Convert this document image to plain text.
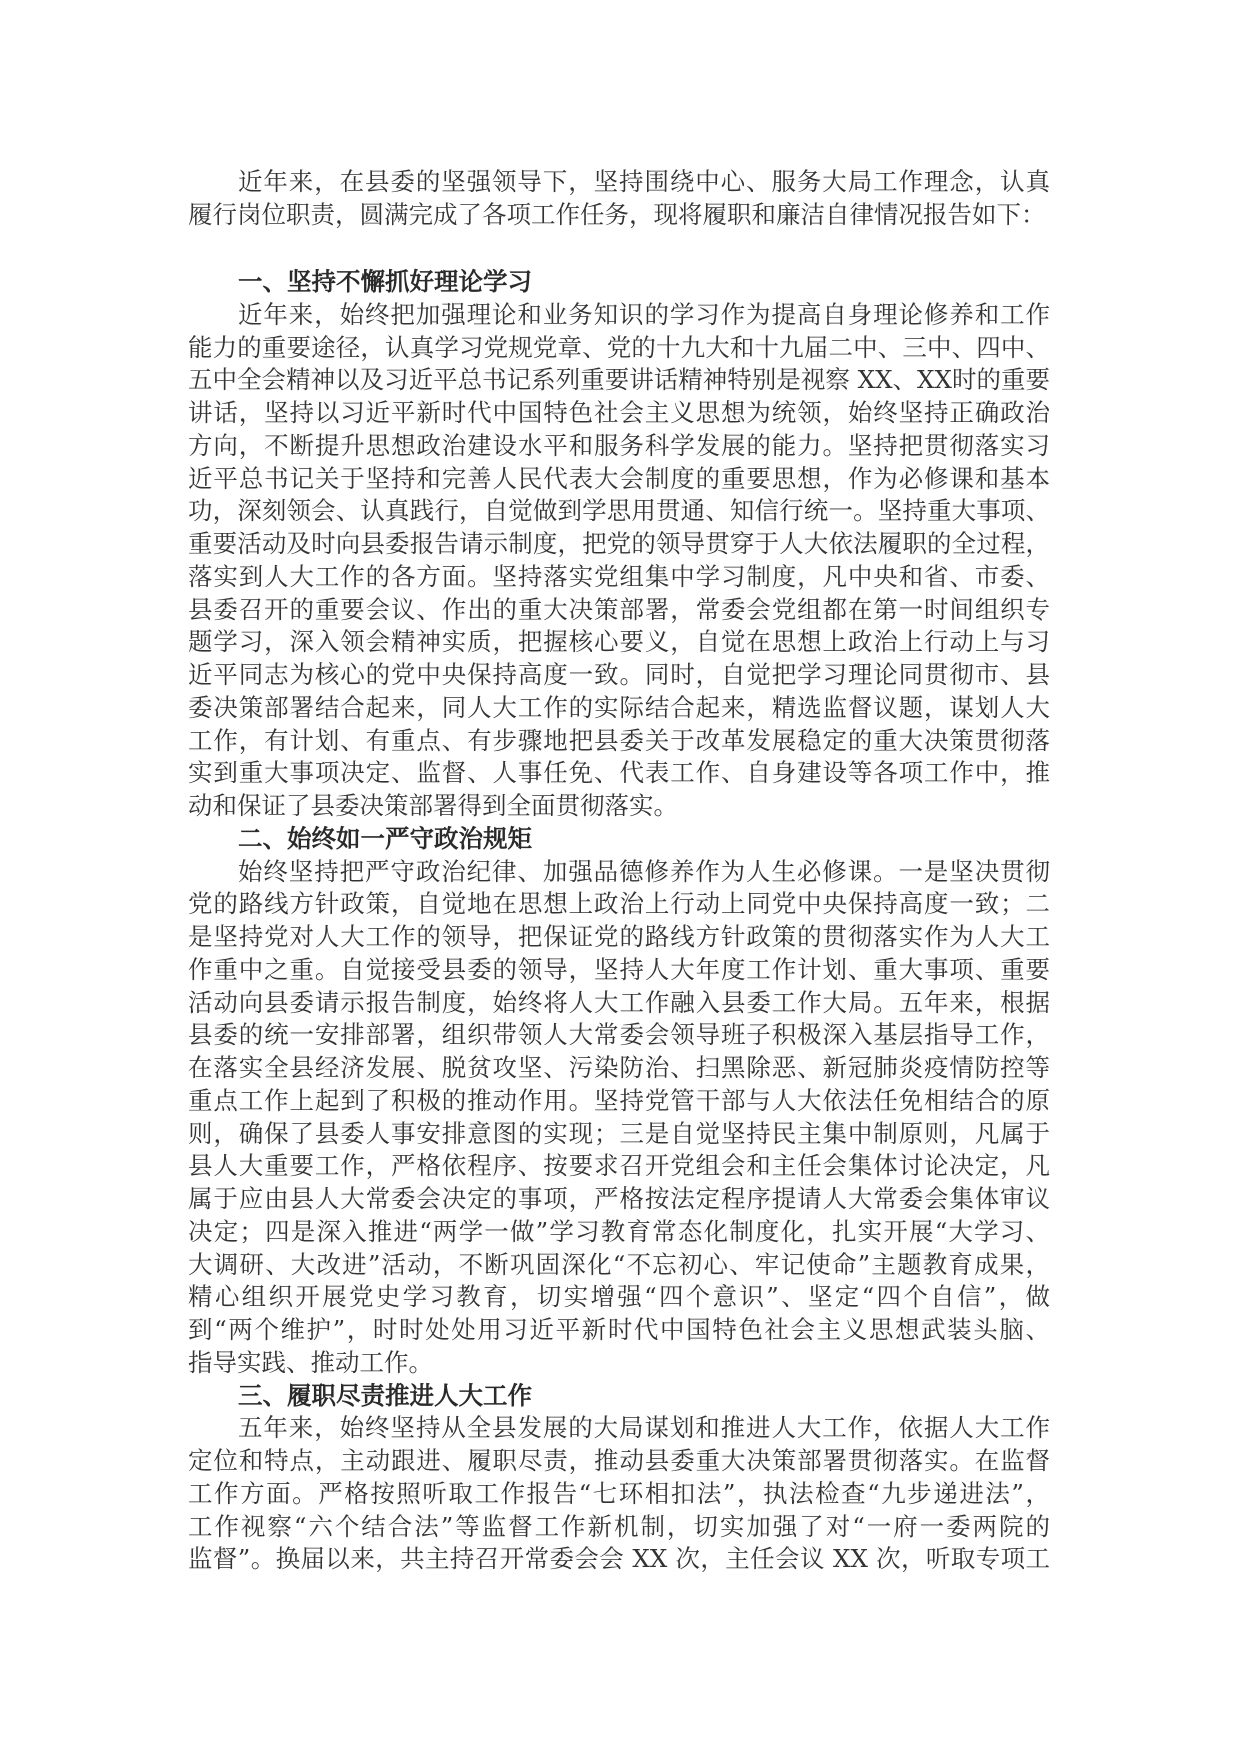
近年来，在县委的坚强领导下，坚持围绕中心、服务大局工作理念，认真
履行岗位职责，圆满完成了各项工作任务，现将履职和廉洁自律情况报告如下：
一、坚持不懈抓好理论学习
近年来，始终把加强理论和业务知识的学习作为提高自身理论修养和工作
能力的重要途径，认真学习党规党章、党的十九大和十九届二中、三中、四中、
五中全会精神以及习近平总书记系列重要讲话精神特别是视察 XX、XX时的重要
讲话，坚持以习近平新时代中国特色社会主义思想为统领，始终坚持正确政治
方向，不断提升思想政治建设水平和服务科学发展的能力。坚持把贯彻落实习
近平总书记关于坚持和完善人民代表大会制度的重要思想，作为必修课和基本
功，深刻领会、认真践行，自觉做到学思用贯通、知信行统一。坚持重大事项、
重要活动及时向县委报告请示制度，把党的领导贯穿于人大依法履职的全过程，
落实到人大工作的各方面。坚持落实党组集中学习制度，凡中央和省、市委、
县委召开的重要会议、作出的重大决策部署，常委会党组都在第一时间组织专
题学习，深入领会精神实质，把握核心要义，自觉在思想上政治上行动上与习
近平同志为核心的党中央保持高度一致。同时，自觉把学习理论同贯彻市、县
委决策部署结合起来，同人大工作的实际结合起来，精选监督议题，谋划人大
工作，有计划、有重点、有步骤地把县委关于改革发展稳定的重大决策贯彻落
实到重大事项决定、监督、人事任免、代表工作、自身建设等各项工作中，推
动和保证了县委决策部署得到全面贯彻落实。
二、始终如一严守政治规矩
始终坚持把严守政治纪律、加强品德修养作为人生必修课。一是坚决贯彻
党的路线方针政策，自觉地在思想上政治上行动上同党中央保持高度一致；二
是坚持党对人大工作的领导，把保证党的路线方针政策的贯彻落实作为人大工
作重中之重。自觉接受县委的领导，坚持人大年度工作计划、重大事项、重要
活动向县委请示报告制度，始终将人大工作融入县委工作大局。五年来，根据
县委的统一安排部署，组织带领人大常委会领导班子积极深入基层指导工作，
在落实全县经济发展、脱贫攻坚、污染防治、扫黑除恶、新冠肺炎疫情防控等
重点工作上起到了积极的推动作用。坚持党管干部与人大依法任免相结合的原
则，确保了县委人事安排意图的实现；三是自觉坚持民主集中制原则，凡属于
县人大重要工作，严格依程序、按要求召开党组会和主任会集体讨论决定，凡
属于应由县人大常委会决定的事项，严格按法定程序提请人大常委会集体审议
决定；四是深入推进“两学一做”学习教育常态化制度化，扎实开展“大学习、
大调研、大改进”活动，不断巩固深化“不忘初心、牢记使命”主题教育成果，
精心组织开展党史学习教育，切实增强“四个意识”、坚定“四个自信”，做
到“两个维护”，时时处处用习近平新时代中国特色社会主义思想武装头脑、
指导实践、推动工作。
三、履职尽责推进人大工作
五年来，始终坚持从全县发展的大局谋划和推进人大工作，依据人大工作
定位和特点，主动跟进、履职尽责，推动县委重大决策部署贯彻落实。在监督
工作方面。严格按照听取工作报告“七环相扣法”，执法检查“九步递进法”，
工作视察“六个结合法”等监督工作新机制，切实加强了对“一府一委两院的
监督”。换届以来，共主持召开常委会会 XX 次，主任会议 XX 次，听取专项工
